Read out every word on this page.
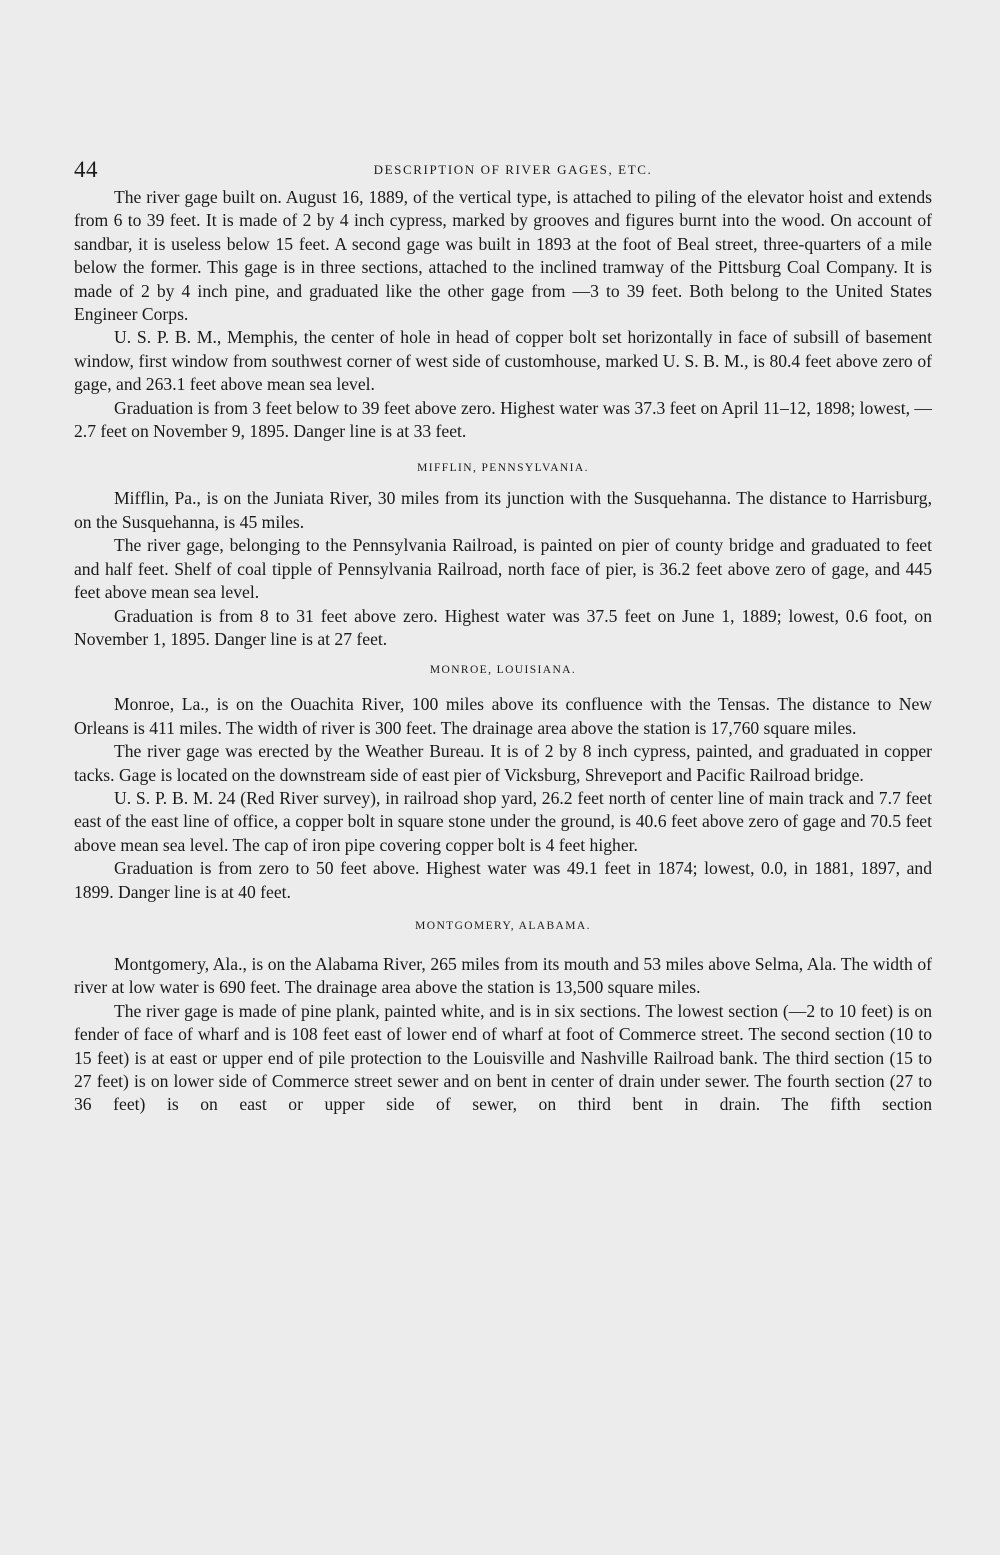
44	DESCRIPTION OF RIVER GAGES, ETC.

The river gage built on. August 16, 1889, of the vertical type, is attached to piling of the elevator hoist and extends from 6 to 39 feet. It is made of 2 by 4 inch cypress, marked by grooves and figures burnt into the wood. On account of sandbar, it is useless below 15 feet. A second gage was built in 1893 at the foot of Beal street, three-quarters of a mile below the former. This gage is in three sections, attached to the inclined tramway of the Pittsburg Coal Company. It is made of 2 by 4 inch pine, and graduated like the other gage from —3 to 39 feet. Both belong to the United States Engineer Corps.

U. S. P. B. M., Memphis, the center of hole in head of copper bolt set horizontally in face of subsill of basement window, first window from southwest corner of west side of customhouse, marked U. S. B. M., is 80.4 feet above zero of gage, and 263.1 feet above mean sea level.

Graduation is from 3 feet below to 39 feet above zero. Highest water was 37.3 feet on April 11–12, 1898; lowest, —2.7 feet on November 9, 1895. Danger line is at 33 feet.

MIFFLIN, PENNSYLVANIA.

Mifflin, Pa., is on the Juniata River, 30 miles from its junction with the Susquehanna. The distance to Harrisburg, on the Susquehanna, is 45 miles.

The river gage, belonging to the Pennsylvania Railroad, is painted on pier of county bridge and graduated to feet and half feet. Shelf of coal tipple of Pennsylvania Railroad, north face of pier, is 36.2 feet above zero of gage, and 445 feet above mean sea level.

Graduation is from 8 to 31 feet above zero. Highest water was 37.5 feet on June 1, 1889; lowest, 0.6 foot, on November 1, 1895. Danger line is at 27 feet.

MONROE, LOUISIANA.

Monroe, La., is on the Ouachita River, 100 miles above its confluence with the Tensas. The distance to New Orleans is 411 miles. The width of river is 300 feet. The drainage area above the station is 17,760 square miles.

The river gage was erected by the Weather Bureau. It is of 2 by 8 inch cypress, painted, and graduated in copper tacks. Gage is located on the downstream side of east pier of Vicksburg, Shreveport and Pacific Railroad bridge.

U. S. P. B. M. 24 (Red River survey), in railroad shop yard, 26.2 feet north of center line of main track and 7.7 feet east of the east line of office, a copper bolt in square stone under the ground, is 40.6 feet above zero of gage and 70.5 feet above mean sea level. The cap of iron pipe covering copper bolt is 4 feet higher.

Graduation is from zero to 50 feet above. Highest water was 49.1 feet in 1874; lowest, 0.0, in 1881, 1897, and 1899. Danger line is at 40 feet.

MONTGOMERY, ALABAMA.

Montgomery, Ala., is on the Alabama River, 265 miles from its mouth and 53 miles above Selma, Ala. The width of river at low water is 690 feet. The drainage area above the station is 13,500 square miles.

The river gage is made of pine plank, painted white, and is in six sections. The lowest section (—2 to 10 feet) is on fender of face of wharf and is 108 feet east of lower end of wharf at foot of Commerce street. The second section (10 to 15 feet) is at east or upper end of pile protection to the Louisville and Nashville Railroad bank. The third section (15 to 27 feet) is on lower side of Commerce street sewer and on bent in center of drain under sewer. The fourth section (27 to 36 feet) is on east or upper side of sewer, on third bent in drain. The fifth section
